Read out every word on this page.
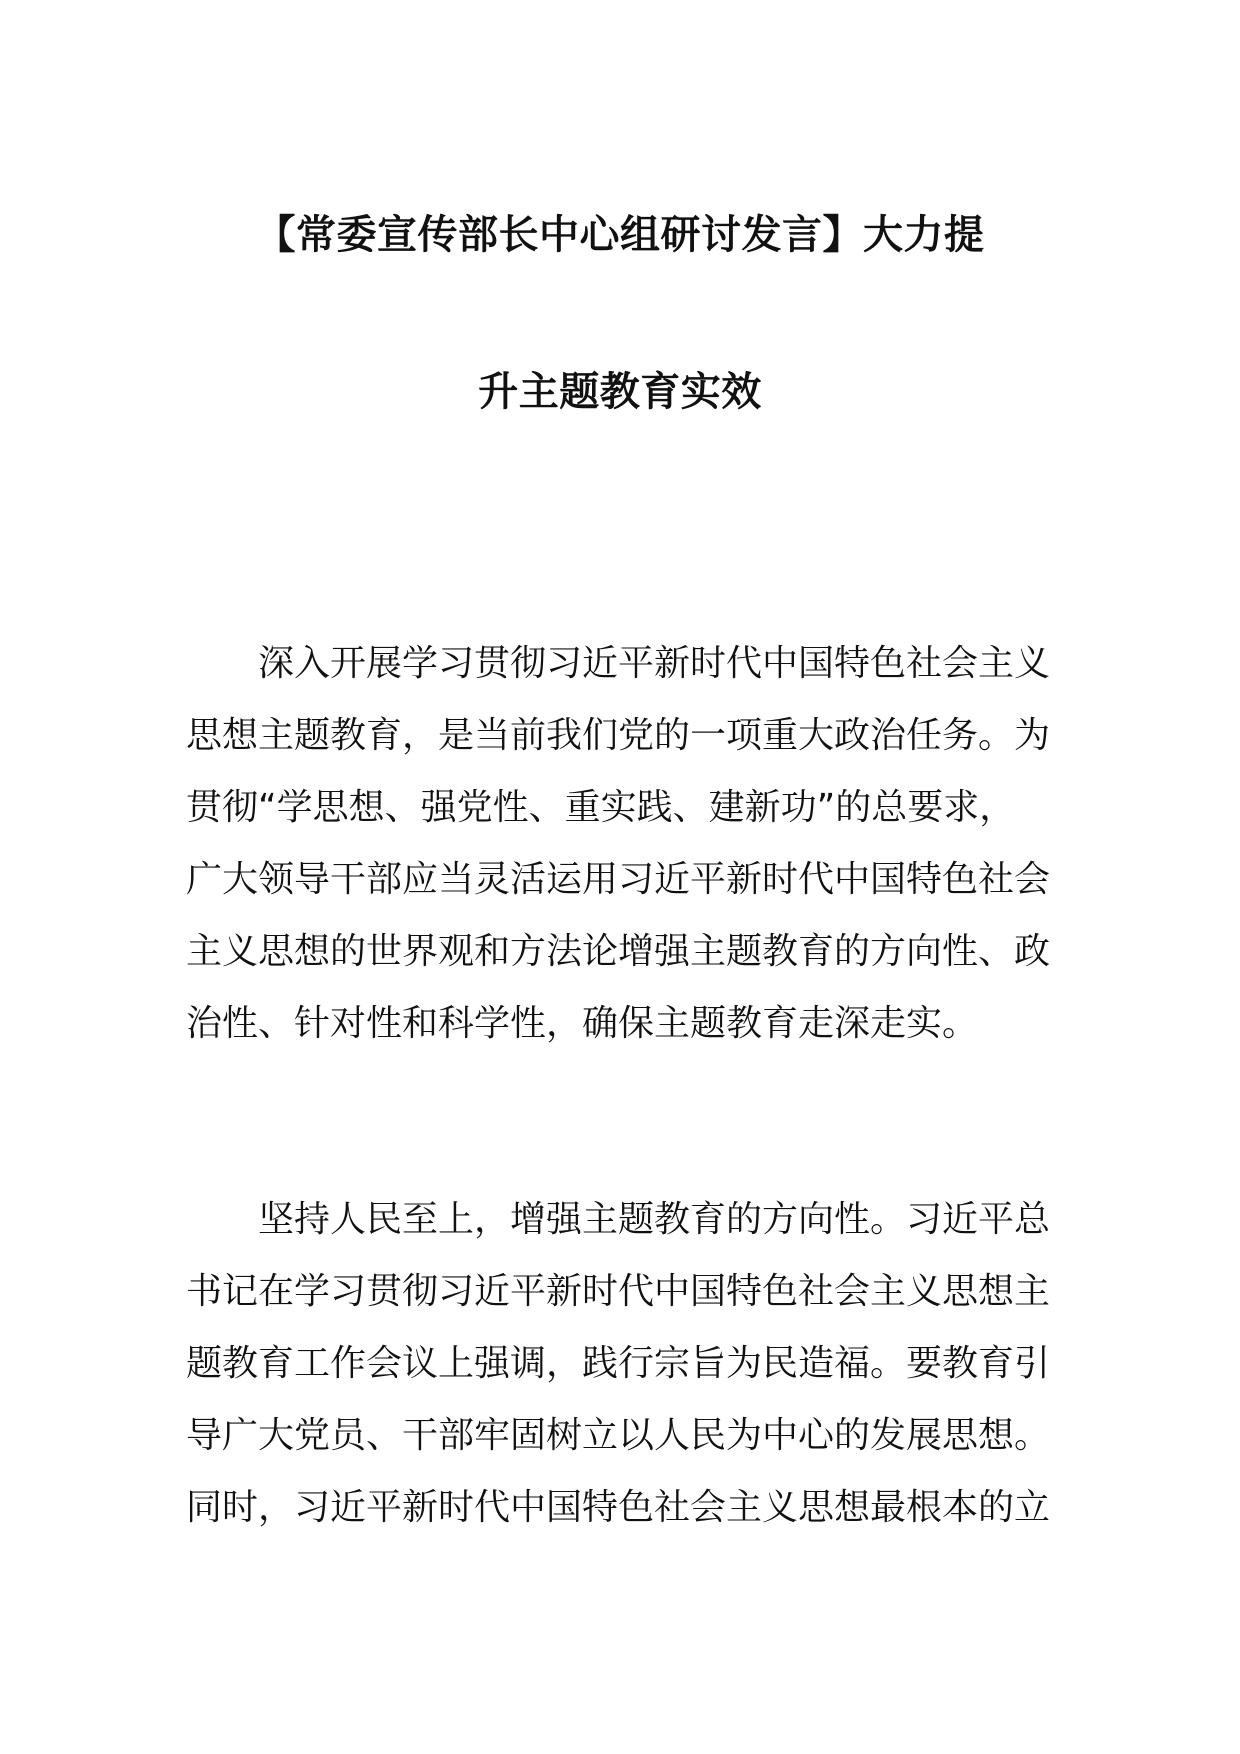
【常委宣传部长中心组研讨发言】大力提
升主题教育实效

深入开展学习贯彻习近平新时代中国特色社会主义
思想主题教育，是当前我们党的一项重大政治任务。为
贯彻“学思想、强党性、重实践、建新功”的总要求，
广大领导干部应当灵活运用习近平新时代中国特色社会
主义思想的世界观和方法论增强主题教育的方向性、政
治性、针对性和科学性，确保主题教育走深走实。

坚持人民至上，增强主题教育的方向性。习近平总
书记在学习贯彻习近平新时代中国特色社会主义思想主
题教育工作会议上强调，践行宗旨为民造福。要教育引
导广大党员、干部牢固树立以人民为中心的发展思想。
同时，习近平新时代中国特色社会主义思想最根本的立
